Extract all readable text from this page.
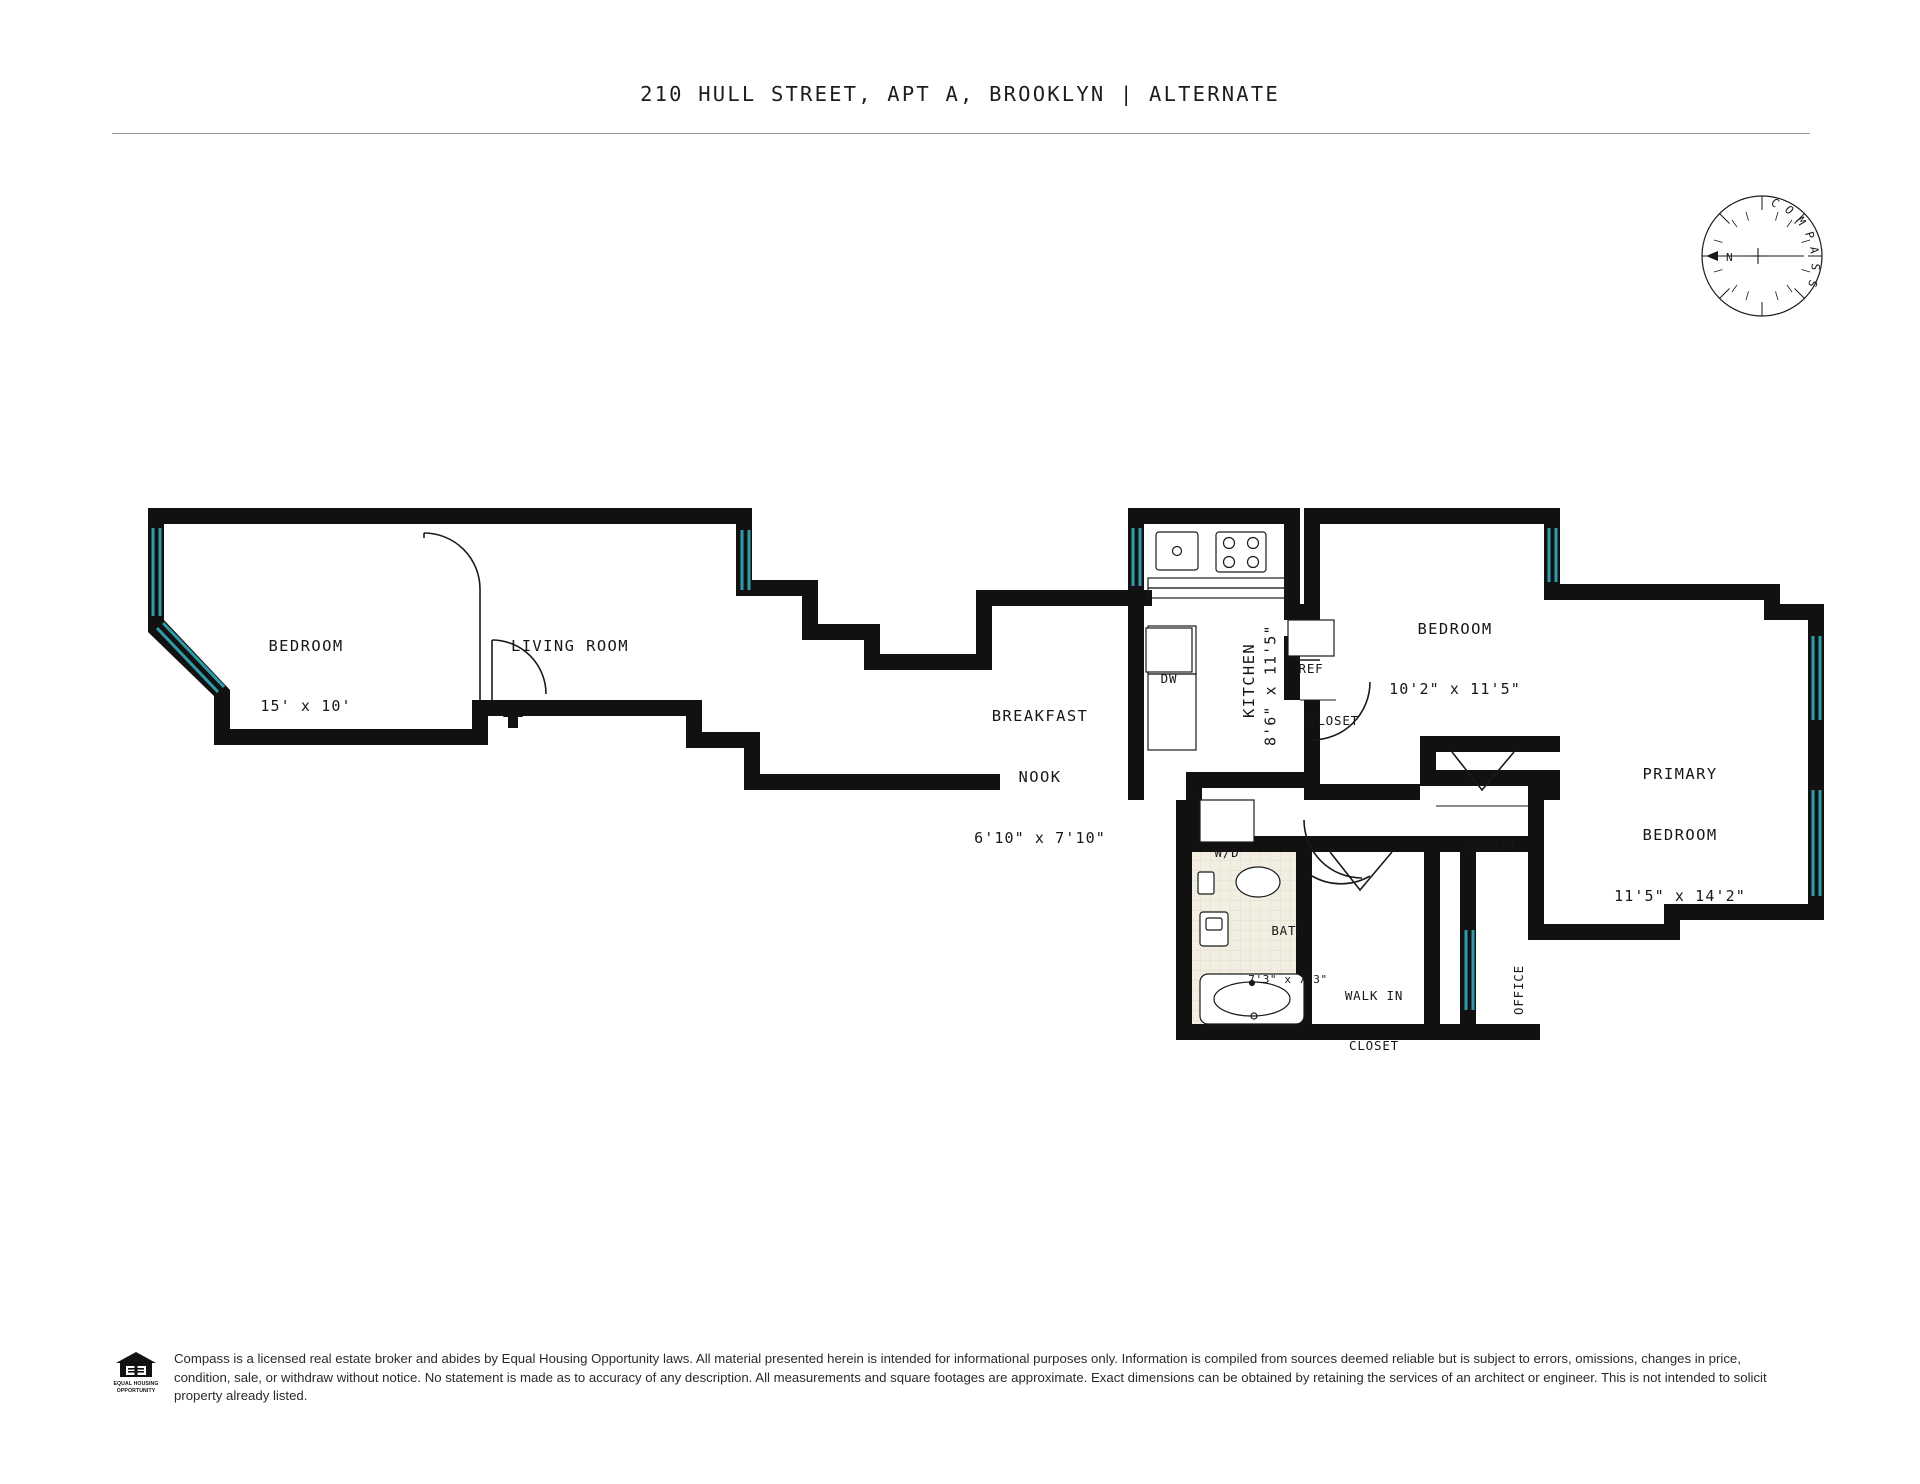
210 HULL STREET, APT A, BROOKLYN | ALTERNATE
N
C
O
M
P
A
S
S

BEDROOM

15' x 10'

LIVING ROOM

BREAKFAST

NOOK

6'10" x 7'10"

KITCHEN

8'6" x 11'5"

	BEDROOM

10'2" x 11'5"

PRIMARY

BEDROOM

11'5" x 14'2"

BATH

7'3" x 7'3"

WALK IN

CLOSET

OFFICE

CLOSET

CLOSET

DW

REF

W/D

EQUAL HOUSING
OPPORTUNITY
Compass is a licensed real estate broker and abides by Equal Housing Opportunity laws. All material presented herein is intended for informational purposes only. Information is compiled from sources deemed reliable but is subject to errors, omissions, changes in price, condition, sale, or withdraw without notice. No statement is made as to accuracy of any description. All measurements and square footages are approximate. Exact dimensions can be obtained by retaining the services of an architect or engineer. This is not intended to solicit property already listed.
